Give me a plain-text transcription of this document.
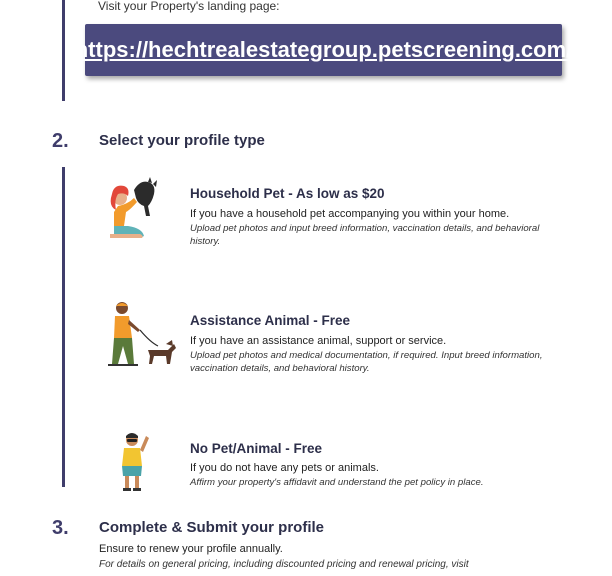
Visit your Property's landing page:
https://hechtrealestategroup.petscreening.com/
2. Select your profile type
Household Pet - As low as $20
If you have a household pet accompanying you within your home.
Upload pet photos and input breed information, vaccination details, and behavioral history.
Assistance Animal - Free
If you have an assistance animal, support or service.
Upload pet photos and medical documentation, if required. Input breed information, vaccination details, and behavioral history.
No Pet/Animal - Free
If you do not have any pets or animals.
Affirm your property's affidavit and understand the pet policy in place.
3. Complete & Submit your profile
Ensure to renew your profile annually.
For details on general pricing, including discounted pricing and renewal pricing, visit
